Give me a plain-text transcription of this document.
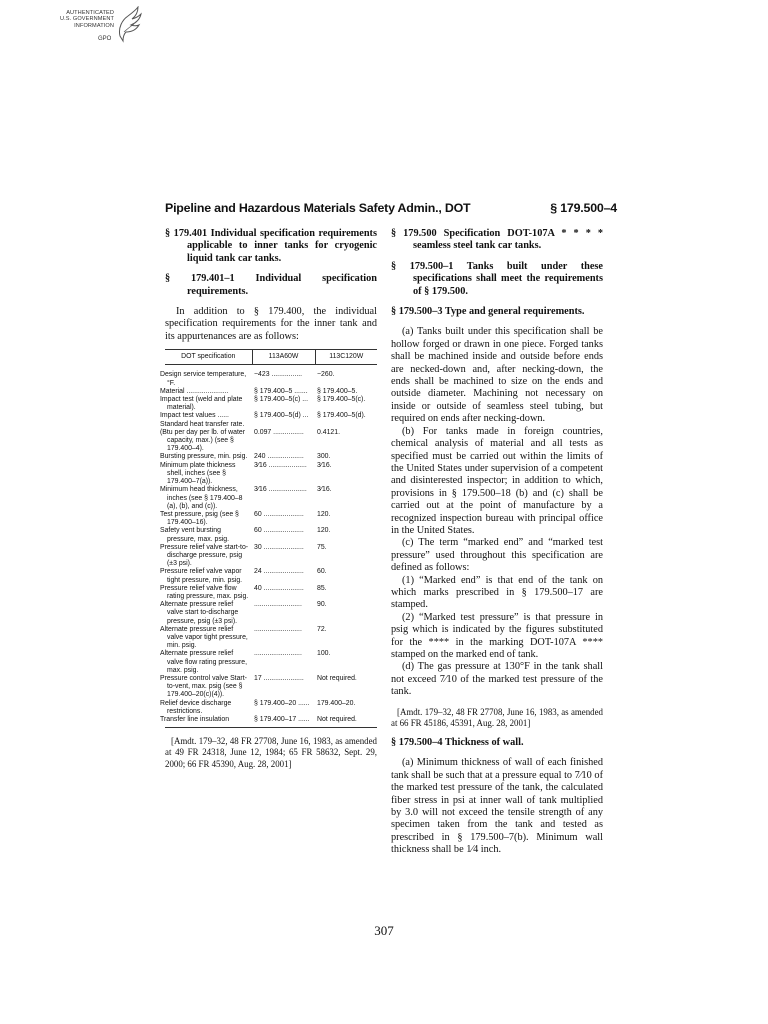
AUTHENTICATED
U.S. GOVERNMENT
INFORMATION
GPO
Pipeline and Hazardous Materials Safety Admin., DOT	§ 179.500–4

§ 179.401 Individual specification requirements applicable to inner tanks for cryogenic liquid tank car tanks.

§ 179.401–1 Individual specification requirements.

In addition to § 179.400, the individual specification requirements for the inner tank and its appurtenances are as follows:

DOT specification	113A60W	113C120W
Design service temperature, °F.	−423 ................	−260.
Material ......................	§ 179.400–5 .......	§ 179.400–5.
Impact test (weld and plate material).	§ 179.400–5(c) ...	§ 179.400–5(c).
Impact test values ......	§ 179.400–5(d) ...	§ 179.400–5(d).
Standard heat transfer rate.		
(Btu per day per lb. of water capacity, max.) (see § 179.400–4).	0.097 ................	0.4121.
Bursting pressure, min. psig.	240 ...................	300.
Minimum plate thickness shell, inches (see § 179.400–7(a)).	3⁄16 ....................	3⁄16.
Minimum head thickness, inches (see § 179.400–8 (a), (b), and (c)).	3⁄16 ....................	3⁄16.
Test pressure, psig (see § 179.400–16).	60 .....................	120.
Safety vent bursting pressure, max. psig.	60 .....................	120.
Pressure relief valve start-to-discharge pressure, psig (±3 psi).	30 .....................	75.
Pressure relief valve vapor tight pressure, min. psig.	24 .....................	60.
Pressure relief valve flow rating pressure, max. psig.	40 .....................	85.
Alternate pressure relief valve start to-discharge pressure, psig (±3 psi).	.........................	90.
Alternate pressure relief valve vapor tight pressure, min. psig.	.........................	72.
Alternate pressure relief valve flow rating pressure, max. psig.	.........................	100.
Pressure control valve Start-to-vent, max. psig (see § 179.400–20(c)(4)).	17 .....................	Not required.
Relief device discharge restrictions.	§ 179.400–20 ......	179.400–20.
Transfer line insulation	§ 179.400–17 ......	Not required.

[Amdt. 179–32, 48 FR 27708, June 16, 1983, as amended at 49 FR 24318, June 12, 1984; 65 FR 58632, Sept. 29, 2000; 66 FR 45390, Aug. 28, 2001]

§ 179.500 Specification DOT-107A * * * * seamless steel tank car tanks.

§ 179.500–1 Tanks built under these specifications shall meet the requirements of § 179.500.

§ 179.500–3 Type and general requirements.

(a) Tanks built under this specification shall be hollow forged or drawn in one piece. Forged tanks shall be machined inside and outside before ends are necked-down and, after necking-down, the ends shall be machined to size on the ends and outside diameter. Machining not necessary on inside or outside of seamless steel tubing, but required on ends after necking-down.

(b) For tanks made in foreign countries, chemical analysis of material and all tests as specified must be carried out within the limits of the United States under supervision of a competent and disinterested inspector; in addition to which, provisions in § 179.500–18 (b) and (c) shall be carried out at the point of manufacture by a recognized inspection bureau with principal office in the United States.

(c) The term “marked end” and “marked test pressure” used throughout this specification are defined as follows:

(1) “Marked end” is that end of the tank on which marks prescribed in § 179.500–17 are stamped.

(2) “Marked test pressure” is that pressure in psig which is indicated by the figures substituted for the **** in the marking DOT-107A **** stamped on the marked end of tank.

(d) The gas pressure at 130°F in the tank shall not exceed 7⁄10 of the marked test pressure of the tank.

[Amdt. 179–32, 48 FR 27708, June 16, 1983, as amended at 66 FR 45186, 45391, Aug. 28, 2001]

§ 179.500–4 Thickness of wall.

(a) Minimum thickness of wall of each finished tank shall be such that at a pressure equal to 7⁄10 of the marked test pressure of the tank, the calculated fiber stress in psi at inner wall of tank multiplied by 3.0 will not exceed the tensile strength of any specimen taken from the tank and tested as prescribed in § 179.500–7(b). Minimum wall thickness shall be 1⁄4 inch.

307
